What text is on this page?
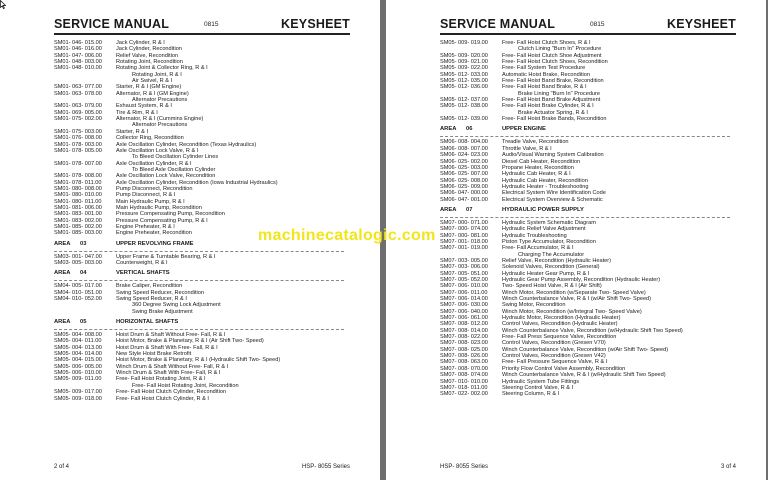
SERVICE MANUAL	0815	KEYSHEET
SM01- 046- 015.00	Jack Cylinder, R & I
SM01- 046- 016.00	Jack Cylinder, Recondition
SM01- 047- 006.00	Relief Valve, Recondition
SM01- 048- 003.00	Rotating Joint, Recondition
SM01- 048- 010.00	Rotating Joint & Collector Ring, R & I
Rotating Joint, R & I
Air Swivel, R & I
SM01- 063- 077.00	Starter, R & I (GM Engine)
SM01- 063- 078.00	Alternator, R & I (GM Engine)
Alternator Precautions
SM01- 063- 079.00	Exhaust System, R & I
SM01- 069- 005.00	Tire & Rim, R & I
SM01- 075- 002.00	Alternator, R & I (Cummins Engine)
Alternator Precautions
SM01- 075- 003.00	Starter, R & I
SM01- 076- 008.00	Collector Ring, Recondition
SM01- 078- 003.00	Axle Oscillation Cylinder, Recondition (Texas Hydraulics)
SM01- 078- 005.00	Axle Oscillation Lock Valve, R & I
To Bleed Oscillation Cylinder Lines
SM01- 078- 007.00	Axle Oscillation Cylinder, R & I
To Bleed Axle Oscillation Cylinder
SM01- 078- 008.00	Axle Oscillation Lock Valve, Recondition
SM01- 078- 011.00	Axle Oscillation Cylinder, Recondition (Iowa Industrial Hydraulics)
SM01- 080- 008.00	Pump Disconnect, Recondition
SM01- 080- 010.00	Pump Disconnect, R & I
SM01- 080- 011.00	Main Hydraulic Pump, R & I
SM01- 081- 006.00	Main Hydraulic Pump, Recondition
SM01- 083- 001.00	Pressure Compensating Pump, Recondition
SM01- 083- 002.00	Pressure Compensating Pump, R & I
SM01- 085- 002.00	Engine Preheater, R & I
SM01- 085- 003.00	Engine Preheater, Recondition
AREA 03	UPPER REVOLVING FRAME
SM03- 001- 047.00	Upper Frame & Turntable Bearing, R & I
SM03- 005- 003.00	Counterweight, R & I
AREA 04	VERTICAL SHAFTS
SM04- 005- 017.00	Brake Caliper, Recondition
SM04- 010- 051.00	Swing Speed Reducer, Recondition
SM04- 010- 052.00	Swing Speed Reducer, R & I
360 Degree Swing Lock Adjustment
Swing Brake Adjustment
AREA 05	HORIZONTAL SHAFTS
SM05- 004- 008.00	Hoist Drum & Shaft Without Free- Fall, R & I
SM05- 004- 011.00	Hoist Motor, Brake & Planetary, R & I (Air Shift Two- Speed)
SM05- 004- 013.00	Hoist Drum & Shaft With Free- Fall, R & I
SM05- 004- 014.00	New Style Hoist Brake Retrofit
SM05- 004- 015.00	Hoist Motor, Brake & Planetary, R & I (Hydraulic Shift Two- Speed)
SM05- 006- 005.00	Winch Drum & Shaft Without Free- Fall, R & I
SM05- 006- 010.00	Winch Drum & Shaft With Free- Fall, R & I
SM05- 009- 011.00	Free- Fall Hoist Rotating Joint, R & I
Free- Fall Hoist Rotating Joint, Recondition
SM05- 009- 017.00	Free- Fall Hoist Clutch Cylinder, Recondition
SM05- 009- 018.00	Free- Fall Hoist Clutch Cylinder, R & I
2 of 4	HSP- 8055 Series
SERVICE MANUAL	0815	KEYSHEET
SM05- 009- 019.00	Free- Fall Hoist Clutch Shoes, R & I
Clutch Lining "Burn In" Procedure
SM05- 009- 020.00	Free- Fall Hoist Clutch Shoe Adjustment
SM05- 009- 021.00	Free- Fall Hoist Clutch Shoes, Recondition
SM05- 009- 022.00	Free- Fall System Test Procedure
SM05- 012- 033.00	Automatic Hoist Brake, Recondition
SM05- 012- 035.00	Free- Fall Hoist Band Brake, Recondition
SM05- 012- 036.00	Free- Fall Hoist Band Brake, R & I
Brake Lining "Burn In" Procedure
SM05- 012- 037.00	Free- Fall Hoist Band Brake Adjustment
SM05- 012- 038.00	Free- Fall Hoist Brake Cylinder, R & I
Brake Actuator Spring, R & I
SM05- 012- 039.00	Free- Fall Hoist Brake Bands, Recondition
AREA 06	UPPER ENGINE
SM06- 008- 004.00	Treadle Valve, Recondition
SM06- 008- 007.00	Throttle Valve, R & I
SM06- 024- 023.00	Audio/Visual Warning System Calibration
SM06- 025- 002.00	Diesel Cab Heater, Recondition
SM06- 025- 003.00	Propane Heater, Recondition
SM06- 025- 007.00	Hydraulic Cab Heater, R & I
SM06- 025- 008.00	Hydraulic Cab Heater, Recondition
SM06- 025- 009.00	Hydraulic Heater - Troubleshooting
SM06- 047- 000.00	Electrical System Wire Identification Code
SM06- 047- 001.00	Electrical System Overview & Schematic
AREA 07	HYDRAULIC POWER SUPPLY
SM07- 000- 071.00	Hydraulic System Schematic Diagram
SM07- 000- 074.00	Hydraulic Relief Valve Adjustment
SM07- 000- 081.00	Hydraulic Troubleshooting
SM07- 001- 018.00	Piston Type Accumulator, Recondition
SM07- 001- 019.00	Free- Fall Accumulator, R & I
Charging The Accumulator
SM07- 003- 005.00	Relief Valve, Recondition (Hydraulic Heater)
SM07- 003- 006.00	Solenoid Valves, Recondition (General)
SM07- 005- 051.00	Hydraulic Heater Gear Pump, R & I
SM07- 005- 052.00	Hydraulic Gear Pump Assembly, Recondition (Hydraulic Heater)
SM07- 006- 010.00	Two- Speed Hoist Valve, R & I (Air Shift)
SM07- 006- 011.00	Winch Motor, Recondition (w/Separate Two- Speed Valve)
SM07- 006- 014.00	Winch Counterbalance Valve, R & I (w/Air Shift Two- Speed)
SM07- 006- 030.00	Swing Motor, Recondition
SM07- 006- 040.00	Winch Motor, Recondition (w/Integral Two- Speed Valve)
SM07- 006- 061.00	Hydraulic Motor, Recondition (Hydraulic Heater)
SM07- 008- 012.00	Control Valves, Recondition (Hydraulic Heater)
SM07- 008- 014.00	Winch Counterbalance Valve, Recondition (w/Hydraulic Shift Two Speed)
SM07- 008- 022.00	Free- Fall Press Sequence Valve, Recondition
SM07- 008- 023.00	Control Valves, Recondition (Gresen V70)
SM07- 008- 025.00	Winch Counterbalance Valve, Recondition (w/Air Shift Two- Speed)
SM07- 008- 026.00	Control Valves, Recondition (Gresen V42)
SM07- 008- 063.00	Free- Fall Pressure Sequence Valve, R & I
SM07- 008- 070.00	Priority Flow Control Valve Assembly, Recondition
SM07- 008- 074.00	Winch Counterbalance Valve, R & I (w/Hydraulic Shift Two Speed)
SM07- 010- 010.00	Hydraulic System Tube Fittings
SM07- 018- 011.00	Steering Control Valve, R & I
SM07- 022- 002.00	Steering Column, R & I
HSP- 8055 Series	3 of 4
machinecatalogic.com
